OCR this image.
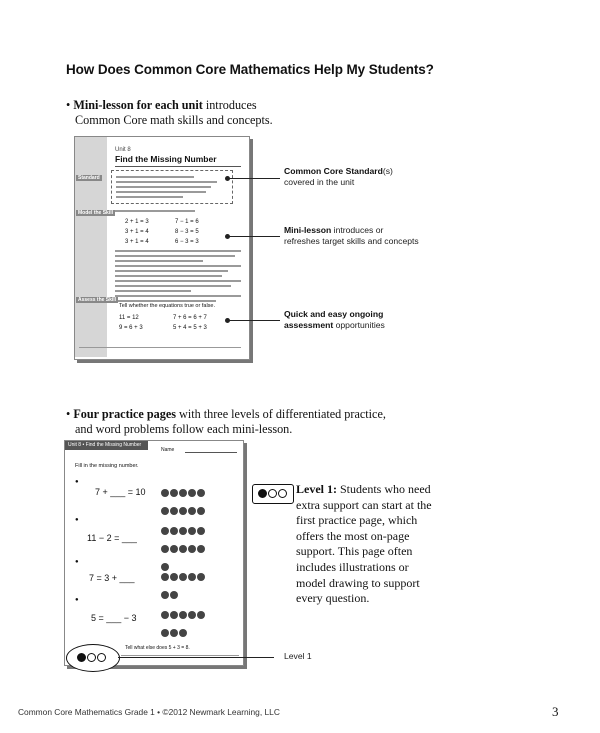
How Does Common Core Mathematics Help My Students?
• Mini-lesson for each unit introduces
Common Core math skills and concepts.
Unit 8
Find the Missing Number
Standard
Model the Skill
2 + 1 = 3
3 + 1 = 4
3 + 1 = 4
7 − 1 = 6
8 − 3 = 5
6 − 3 = 3
Assess the Skill
Tell whether the equations true or false.
11 = 12
9 = 6 + 3
7 + 6 = 6 + 7
5 + 4 = 5 + 3
Common Core Standard(s)
covered in the unit
Mini-lesson introduces or
refreshes target skills and concepts
Quick and easy ongoing
assessment opportunities
• Four practice pages with three levels of differentiated practice,
and word problems follow each mini-lesson.
Unit 8 • Find the Missing Number
Name
Fill in the missing number.
●
7 + ___ = 10

●
11 − 2 = ___

●
7 = 3 + ___

●
5 = ___ − 3

Tell what else does 5 + 3 = 8.
Level 1
Level 1: Students who need extra support can start at the first practice page, which offers the most on-page support. This page often includes illustrations or model drawing to support every question.
Common Core Mathematics Grade 1 • ©2012 Newmark Learning, LLC	3
